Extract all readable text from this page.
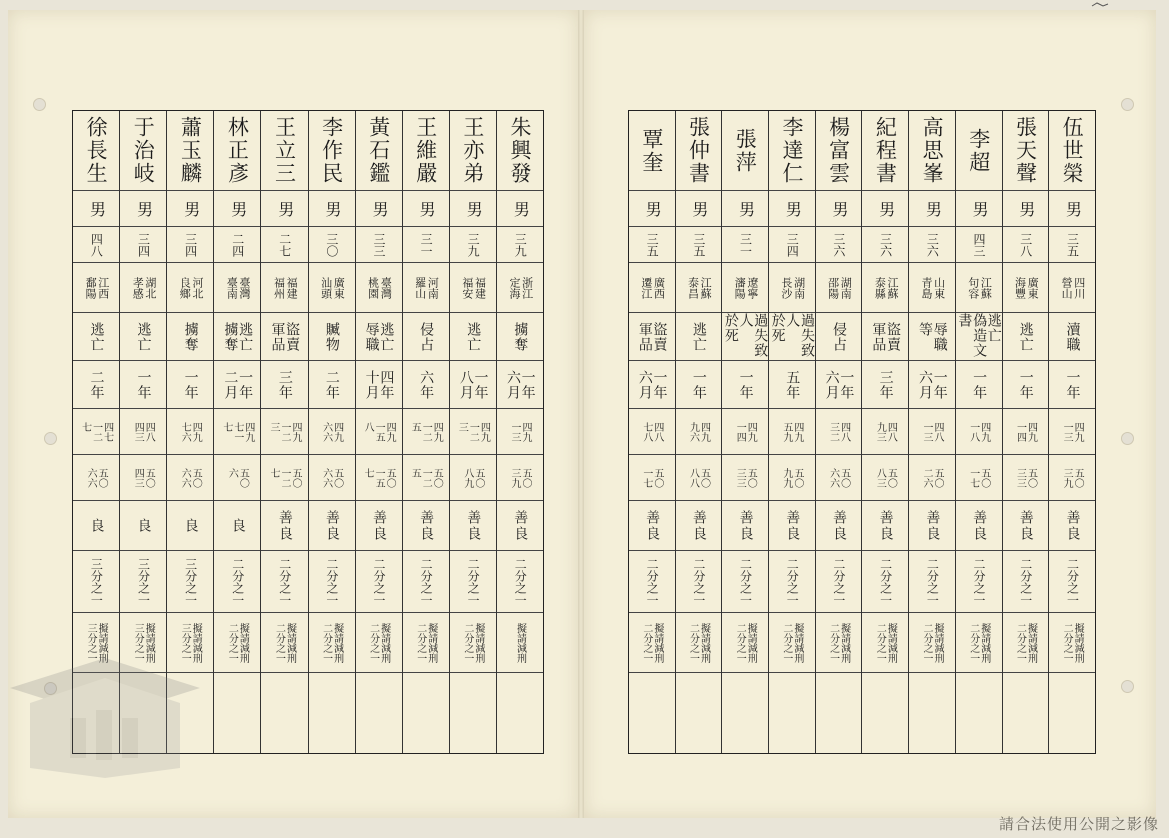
朱興發
男
三九
浙江
定海
擄奪
一年
六月
四九
一三
五〇
三九
善良
二分之一
擬請減刑
王亦弟
男
三九
福建
福安
逃亡
一年
八月
四九
一二
三
五〇
八九
善良
二分之一
擬請減刑
二分之一
王維嚴
男
三一
河南
羅山
侵占
六年
四九
一二
五
五〇
一二
五
善良
二分之一
擬請減刑
二分之一
黃石鑑
男
三三
臺灣
桃園
逃亡
辱職
四年
十月
四九
一五
八
五〇
一五
七
善良
二分之一
擬請減刑
二分之一
李作民
男
三〇
廣東
汕頭
贓物
二年
四九
六六
五〇
六六
善良
二分之一
擬請減刑
二分之一
王立三
男
二七
福建
福州
盜賣
軍品
三年
四九
一二
三
五〇
一二
七
善良
二分之一
擬請減刑
二分之一
林正彥
男
二四
臺灣
臺南
逃亡
擄奪
一年
二月
四九
七一
七
五〇
六
良
二分之一
擬請減刑
二分之一
蕭玉麟
男
三四
河北
良鄉
擄奪
一年
四九
七六
五〇
六六
良
三分之一
擬請減刑
三分之一
于治岐
男
三四
湖北
孝感
逃亡
一年
四八
四三
五〇
四三
良
三分之一
擬請減刑
三分之一
徐長生
男
四八
江西
鄱陽
逃亡
二年
四七
一二
七
五〇
六六
良
三分之一
擬請減刑
三分之一
伍世榮
男
三五
四川
營山
瀆職
一年
四九
一三
五〇
三九
善良
二分之一
擬請減刑
二分之一
張天聲
男
三八
廣東
海豐
逃亡
一年
四九
一四
五〇
三三
善良
二分之一
擬請減刑
二分之一
李超
男
四三
江蘇
句容
逃亡
偽造文書
一年
四九
一八
五〇
一七
善良
二分之一
擬請減刑
二分之一
高思峯
男
三六
山東
青島
辱職
等
一年
六月
四八
一三
五〇
二六
善良
二分之一
擬請減刑
二分之一
紀程書
男
三六
江蘇
泰縣
盜賣
軍品
三年
四八
九三
五〇
八三
善良
二分之一
擬請減刑
二分之一
楊富雲
男
三六
湖南
邵陽
侵占
一年
六月
四八
三二
五〇
六六
善良
二分之一
擬請減刑
二分之一
李達仁
男
三四
湖南
長沙
過失致人
於死
五年
四九
五九
五〇
九九
善良
二分之一
擬請減刑
二分之一
張萍
男
三一
遼寧
瀋陽
過失致人
於死
一年
四九
一四
五〇
三三
善良
二分之一
擬請減刑
二分之一
張仲書
男
三五
江蘇
泰昌
逃亡
一年
四九
九六
五〇
八八
善良
二分之一
擬請減刑
二分之一
覃奎
男
三五
廣西
遷江
盜賣
軍品
一年
六月
四八
七八
五〇
一七
善良
二分之一
擬請減刑
二分之一
請合法使用公開之影像
